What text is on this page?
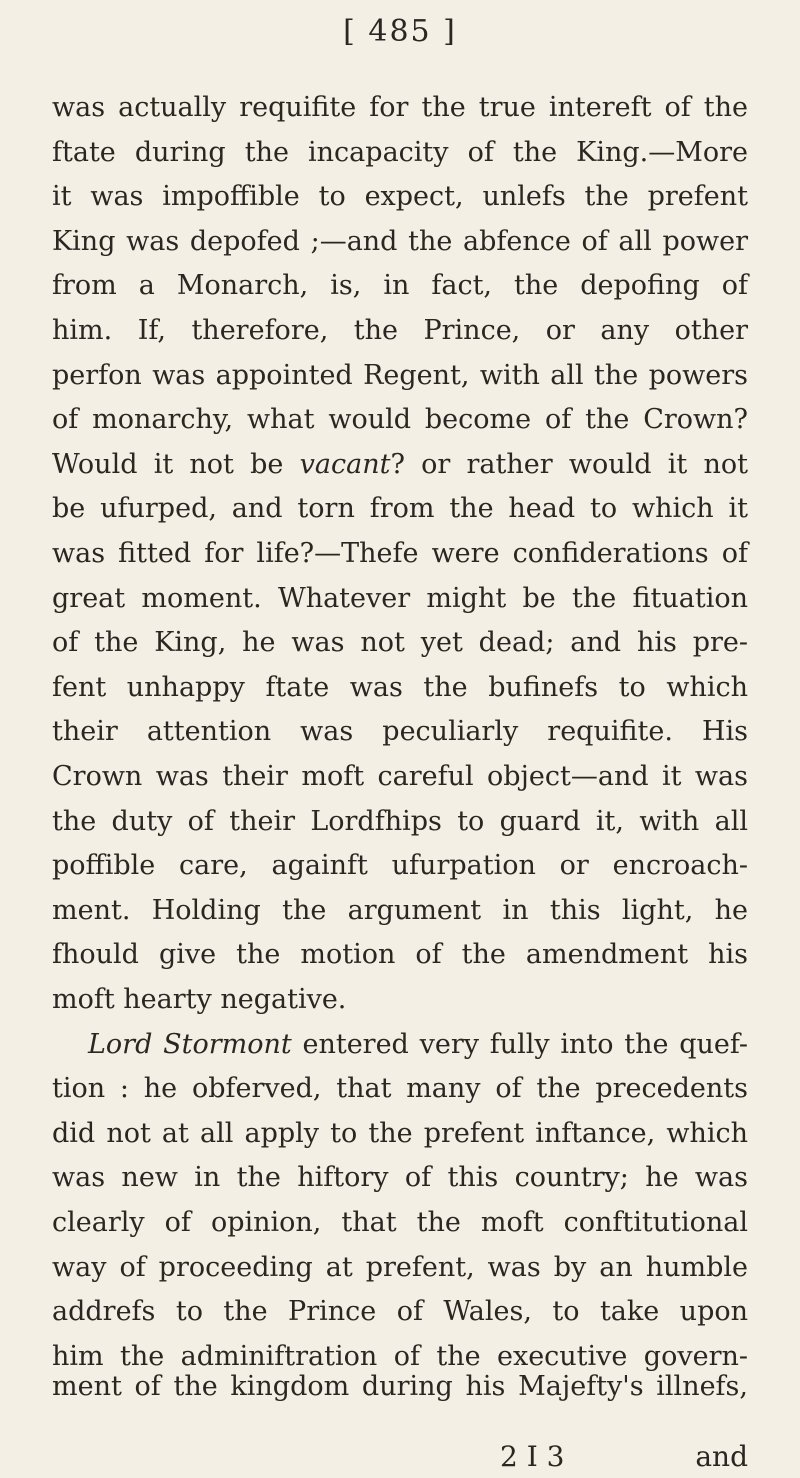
[ 485 ]
was actually requifite for the true intereft of the
ftate during the incapacity of the King.—More
it was impoffible to expect, unlefs the prefent
King was depofed ;—and the abfence of all power
from a Monarch, is, in fact, the depofing of
him. If, therefore, the Prince, or any other
perfon was appointed Regent, with all the powers
of monarchy, what would become of the Crown?
Would it not be vacant? or rather would it not
be ufurped, and torn from the head to which it
was fitted for life?—Thefe were confiderations of
great moment. Whatever might be the fituation
of the King, he was not yet dead; and his pre-
fent unhappy ftate was the bufinefs to which
their attention was peculiarly requifite. His
Crown was their moft careful object—and it was
the duty of their Lordfhips to guard it, with all
poffible care, againft ufurpation or encroach-
ment. Holding the argument in this light, he
fhould give the motion of the amendment his
moft hearty negative.
Lord Stormont entered very fully into the quef-
tion : he obferved, that many of the precedents
did not at all apply to the prefent inftance, which
was new in the hiftory of this country; he was
clearly of opinion, that the moft conftitutional
way of proceeding at prefent, was by an humble
addrefs to the Prince of Wales, to take upon
him the adminiftration of the executive govern-
ment of the kingdom during his Majefty's illnefs,
2 I 3	and
